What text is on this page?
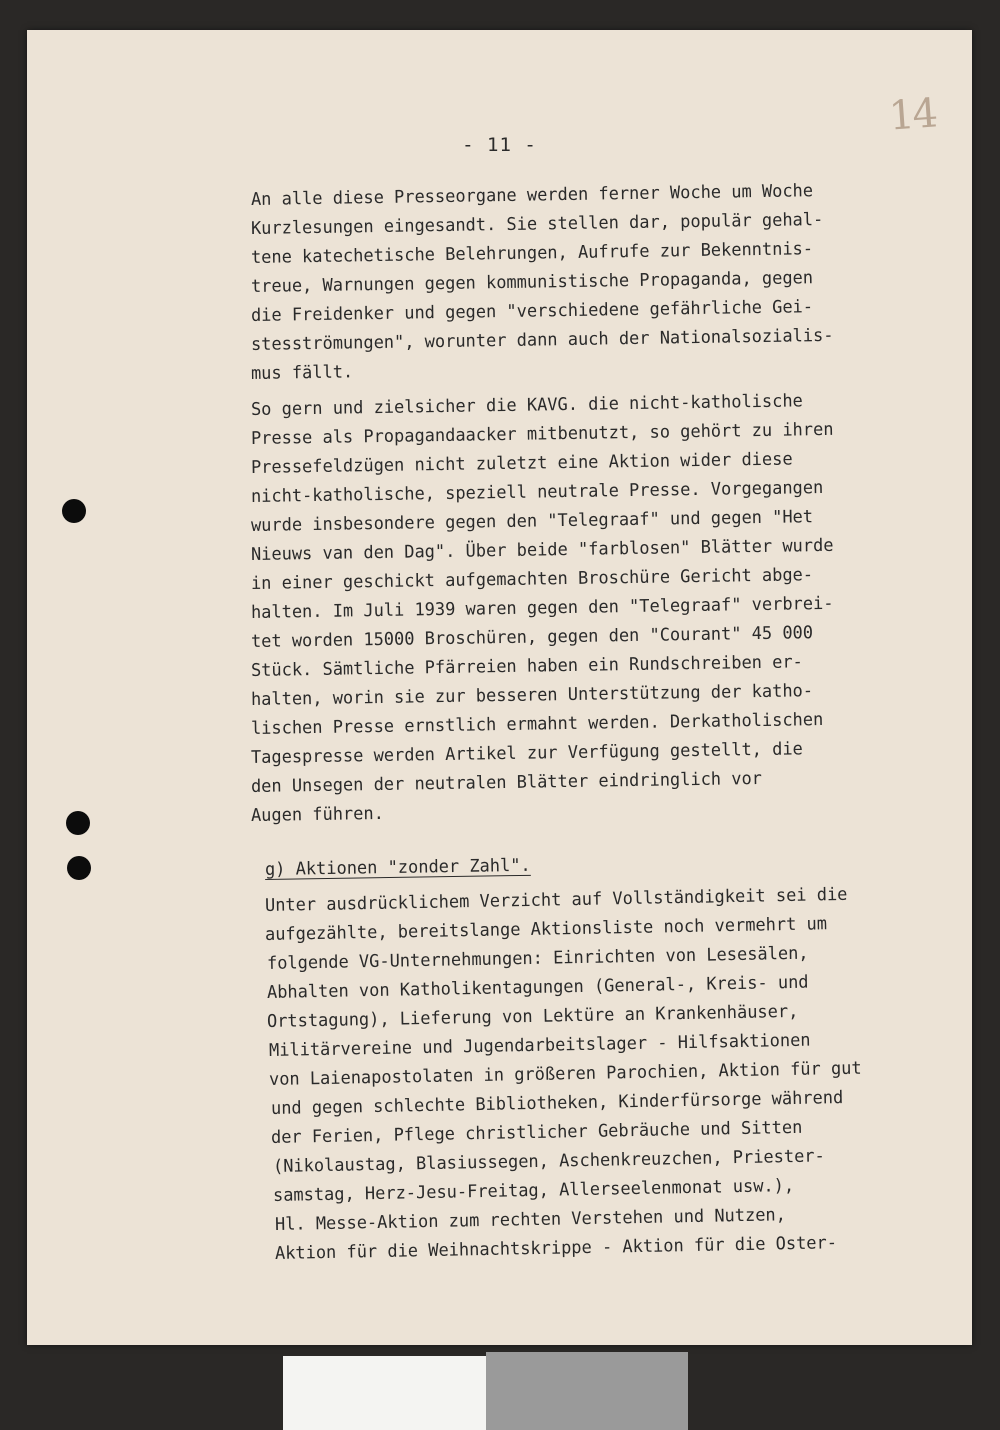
14
- 11 -
An alle diese Presseorgane werden ferner Woche um Woche
Kurzlesungen eingesandt. Sie stellen dar, populär gehal-
tene katechetische Belehrungen, Aufrufe zur Bekenntnis-
treue, Warnungen gegen kommunistische Propaganda, gegen
die Freidenker und gegen "verschiedene gefährliche Gei-
stesströmungen", worunter dann auch der Nationalsozialis-
mus fällt.
So gern und zielsicher die KAVG. die nicht-katholische
Presse als Propagandaacker mitbenutzt, so gehört zu ihren
Pressefeldzügen nicht zuletzt eine Aktion wider diese
nicht-katholische, speziell neutrale Presse. Vorgegangen
wurde insbesondere gegen den "Telegraaf" und gegen "Het
Nieuws van den Dag". Über beide "farblosen" Blätter wurde
in einer geschickt aufgemachten Broschüre Gericht abge-
halten. Im Juli 1939 waren gegen den "Telegraaf" verbrei-
tet worden 15000 Broschüren, gegen den "Courant" 45 000
Stück. Sämtliche Pfärreien haben ein Rundschreiben er-
halten, worin sie zur besseren Unterstützung der katho-
lischen Presse ernstlich ermahnt werden. Derkatholischen
Tagespresse werden Artikel zur Verfügung gestellt, die
den Unsegen der neutralen Blätter eindringlich vor
Augen führen.
g) Aktionen "zonder Zahl".
Unter ausdrücklichem Verzicht auf Vollständigkeit sei die
aufgezählte, bereitslange Aktionsliste noch vermehrt um
folgende VG-Unternehmungen: Einrichten von Lesesälen,
Abhalten von Katholikentagungen (General-, Kreis- und
Ortstagung), Lieferung von Lektüre an Krankenhäuser,
Militärvereine und Jugendarbeitslager - Hilfsaktionen
von Laienapostolaten in größeren Parochien, Aktion für gut
und gegen schlechte Bibliotheken, Kinderfürsorge während
der Ferien, Pflege christlicher Gebräuche und Sitten
(Nikolaustag, Blasiussegen, Aschenkreuzchen, Priester-
samstag, Herz-Jesu-Freitag, Allerseelenmonat usw.),
Hl. Messe-Aktion zum rechten Verstehen und Nutzen,
Aktion für die Weihnachtskrippe - Aktion für die Oster-
